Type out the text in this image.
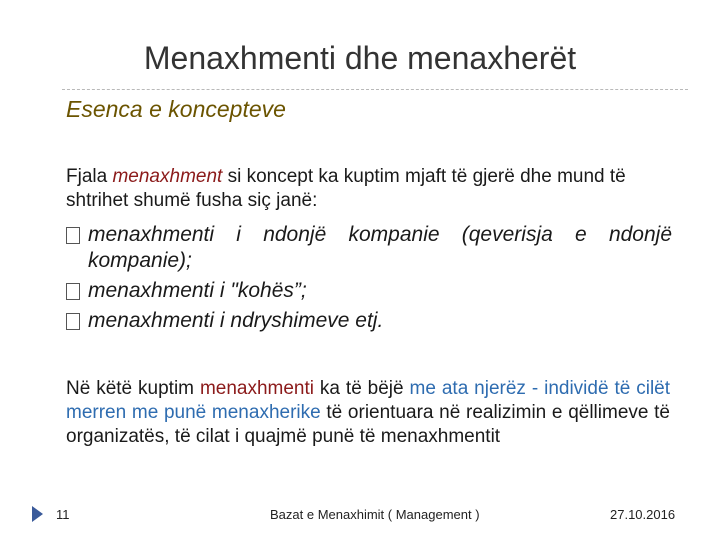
Menaxhmenti dhe menaxherët
Esenca e koncepteve
Fjala menaxhment si koncept ka kuptim mjaft të gjerë dhe mund të shtrihet shumë fusha siç janë:
menaxhmenti i ndonjë kompanie (qeverisja e ndonjë kompanie);
menaxhmenti i "kohës”;
menaxhmenti i ndryshimeve etj.
Në këtë kuptim menaxhmenti ka të bëjë me ata njerëz - individë të cilët merren me punë menaxherike të orientuara në realizimin e qëllimeve të organizatës, të cilat i quajmë punë të menaxhmentit
11	Bazat e Menaxhimit ( Management )	27.10.2016
